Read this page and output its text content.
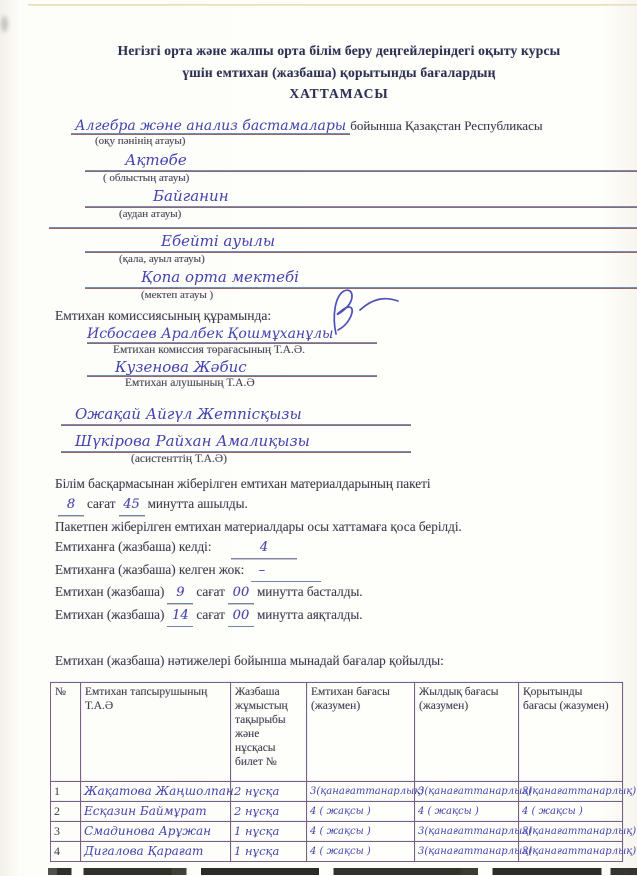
Негізгі орта және жалпы орта білім беру деңгейлеріндегі оқыту курсы
үшін емтихан (жазбаша) қорытынды бағалардың
ХАТТАМАСЫ
Алгебра және анализ бастамалары бойынша Қазақстан Республикасы
(оқу пәнінің атауы)
Ақтөбе
( облыстың атауы)
Байганин
(аудан атауы)
Ебейті ауылы
(қала, ауыл атауы)
Қопа орта мектебі
(мектеп атауы )
Емтихан комиссиясының құрамында:
Исбосаев Аралбек Қошмұханұлы
Емтихан комиссия төрағасының Т.А.Ә.
Кузенова Жәбис
Емтихан алушының Т.А.Ә
Ожақай Айгүл Жетпісқызы
Шүкірова Райхан Амалиқызы
(асистенттің Т.А.Ә)

Білім басқармасынан жіберілген емтихан материалдарының пакеті

8 сағат 45 минутта ашылды.

Пакетпен жіберілген емтихан материалдары осы хаттамаға қоса берілді.

Емтиханға (жазбаша) келді:	4

Емтиханға (жазбаша) келген жок: –

Емтихан (жазбаша) 9 сағат 00 минутта басталды.

Емтихан (жазбаша) 14 сағат 00 минутта аяқталды.

Емтихан (жазбаша) нәтижелері бойынша мынадай бағалар қойылды:

№	Емтихан тапсырушының Т.А.Ә	Жазбаша жұмыстың тақырыбы және нұсқасы билет №	Емтихан бағасы (жазумен)	Жылдық бағасы (жазумен)	Қорытынды бағасы (жазумен)
1	Жақатова Жаңшолпан	2 нұсқа	3(қанағаттанарлық)	3(қанағаттанарлық)	3(қанағаттанарлық)
2	Есқазин Баймұрат	2 нұсқа	4 ( жақсы )	4 ( жақсы )	4 ( жақсы )
3	Смадинова Арұжан	1 нұсқа	4 ( жақсы )	3(қанағаттанарлық)	3(қанағаттанарлық)
4	Дигалова Қарағат	1 нұсқа	4 ( жақсы )	3(қанағаттанарлық)	3(қанағаттанарлық)
